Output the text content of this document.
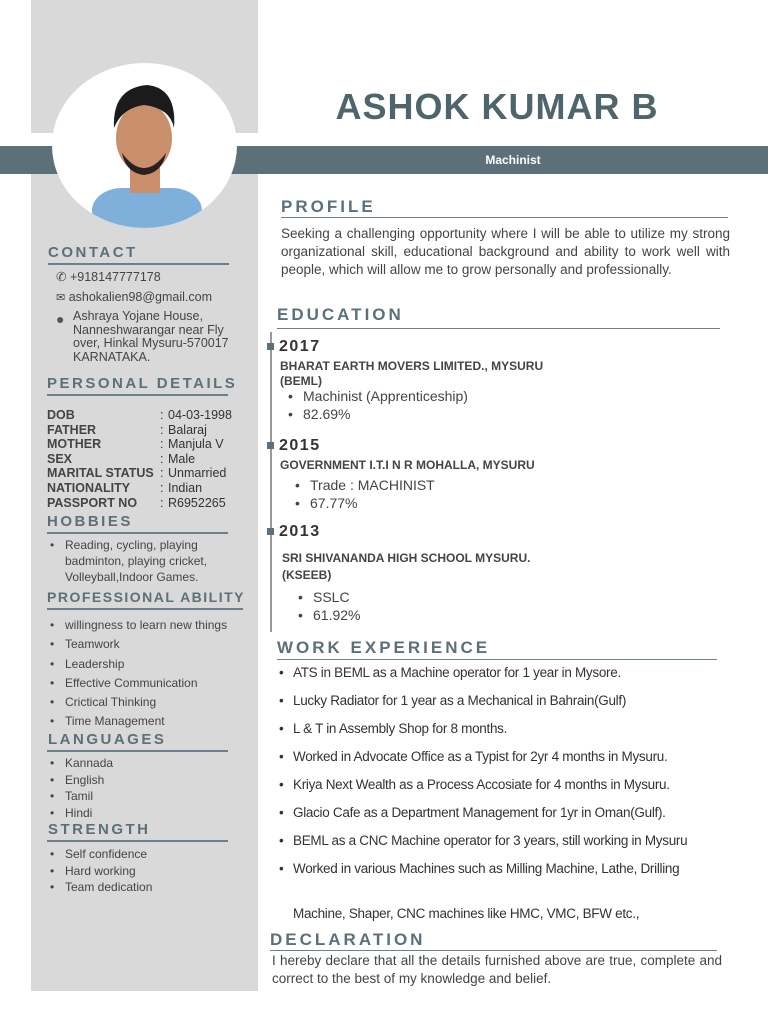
Machinist
ASHOK KUMAR B
CONTACT
✆ +918147777178
✉ ashokalien98@gmail.com
● Ashraya Yojane House,
Nanneshwarangar near Fly
over, Hinkal Mysuru-570017
KARNATAKA.
PERSONAL DETAILS
DOB	: 04-03-1998
FATHER	: Balaraj
MOTHER	: Manjula V
SEX	: Male
MARITAL STATUS : Unmarried
NATIONALITY	: Indian
PASSPORT NO	: R6952265
HOBBIES
• Reading, cycling, playing badminton, playing cricket, Volleyball,Indoor Games.
PROFESSIONAL ABILITY
• willingness to learn new things
• Teamwork
• Leadership
• Effective Communication
• Crictical Thinking
• Time Management
LANGUAGES
• Kannada
• English
• Tamil
• Hindi
STRENGTH
• Self confidence
• Hard working
• Team dedication
PROFILE
Seeking a challenging opportunity where I will be able to utilize my strong organizational skill, educational background and ability to work well with people, which will allow me to grow personally and professionally.
EDUCATION
2017
BHARAT EARTH MOVERS LIMITED., MYSURU
(BEML)
• Machinist (Apprenticeship)
• 82.69%
2015
GOVERNMENT I.T.I N R MOHALLA, MYSURU
• Trade : MACHINIST
• 67.77%
2013
SRI SHIVANANDA HIGH SCHOOL MYSURU.
(KSEEB)
• SSLC
• 61.92%
WORK EXPERIENCE
• ATS in BEML as a Machine operator for 1 year in Mysore.
• Lucky Radiator for 1 year as a Mechanical in Bahrain(Gulf)
• L & T in Assembly Shop for 8 months.
• Worked in Advocate Office as a Typist for 2yr 4 months in Mysuru.
• Kriya Next Wealth as a Process Accosiate for 4 months in Mysuru.
• Glacio Cafe as a Department Management for 1yr in Oman(Gulf).
• BEML as a CNC Machine operator for 3 years, still working in Mysuru
• Worked in various Machines such as Milling Machine, Lathe, Drilling
Machine, Shaper, CNC machines like HMC, VMC, BFW etc.,
DECLARATION
I hereby declare that all the details furnished above are true, complete and correct to the best of my knowledge and belief.
